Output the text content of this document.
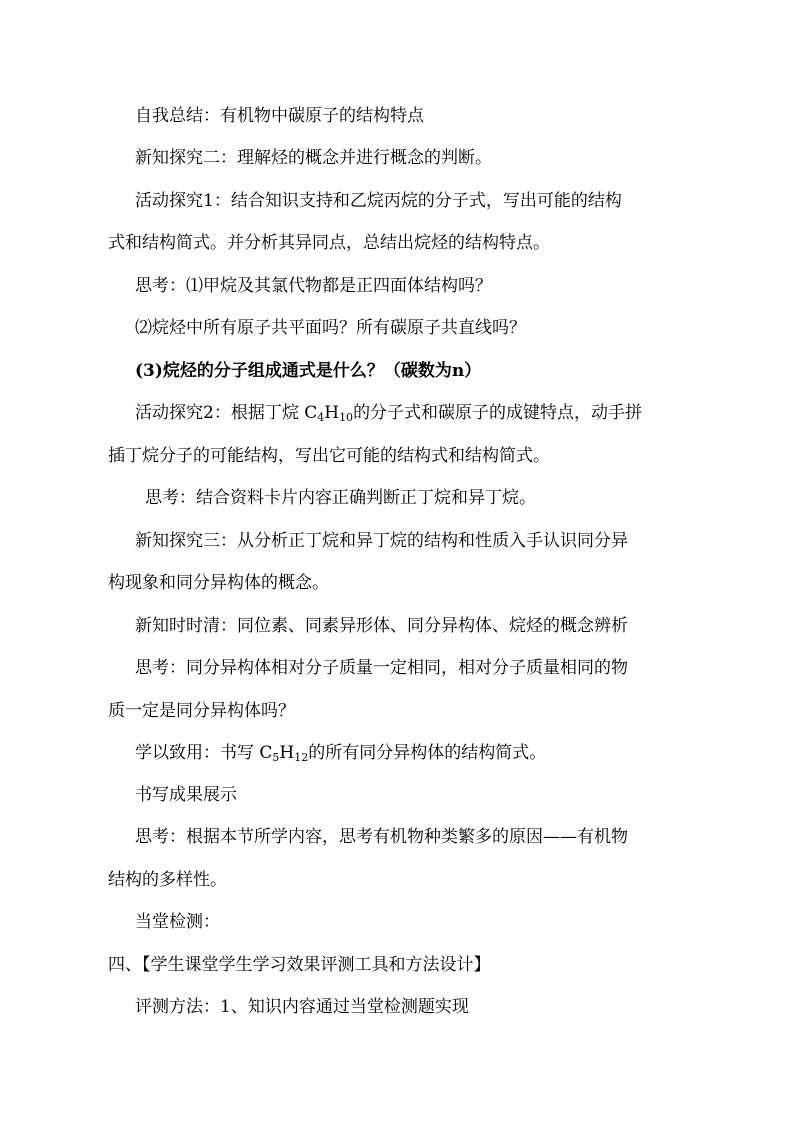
自我总结：有机物中碳原子的结构特点
新知探究二：理解烃的概念并进行概念的判断。
活动探究1：结合知识支持和乙烷丙烷的分子式，写出可能的结构
式和结构简式。并分析其异同点，总结出烷烃的结构特点。
思考：⑴甲烷及其氯代物都是正四面体结构吗？
⑵烷烃中所有原子共平面吗？所有碳原子共直线吗？
(3)烷烃的分子组成通式是什么？（碳数为n）
活动探究2：根据丁烷 $C_4H_{10}$的分子式和碳原子的成键特点，动手拼
插丁烷分子的可能结构，写出它可能的结构式和结构简式。
思考：结合资料卡片内容正确判断正丁烷和异丁烷。
新知探究三：从分析正丁烷和异丁烷的结构和性质入手认识同分异
构现象和同分异构体的概念。
新知时时清：同位素、同素异形体、同分异构体、烷烃的概念辨析
思考：同分异构体相对分子质量一定相同，相对分子质量相同的物
质一定是同分异构体吗？
学以致用：书写 $C_5H_{12}$的所有同分异构体的结构简式。
书写成果展示
思考：根据本节所学内容，思考有机物种类繁多的原因——有机物
结构的多样性。
当堂检测：
四、【学生课堂学生学习效果评测工具和方法设计】
评测方法：1、知识内容通过当堂检测题实现
